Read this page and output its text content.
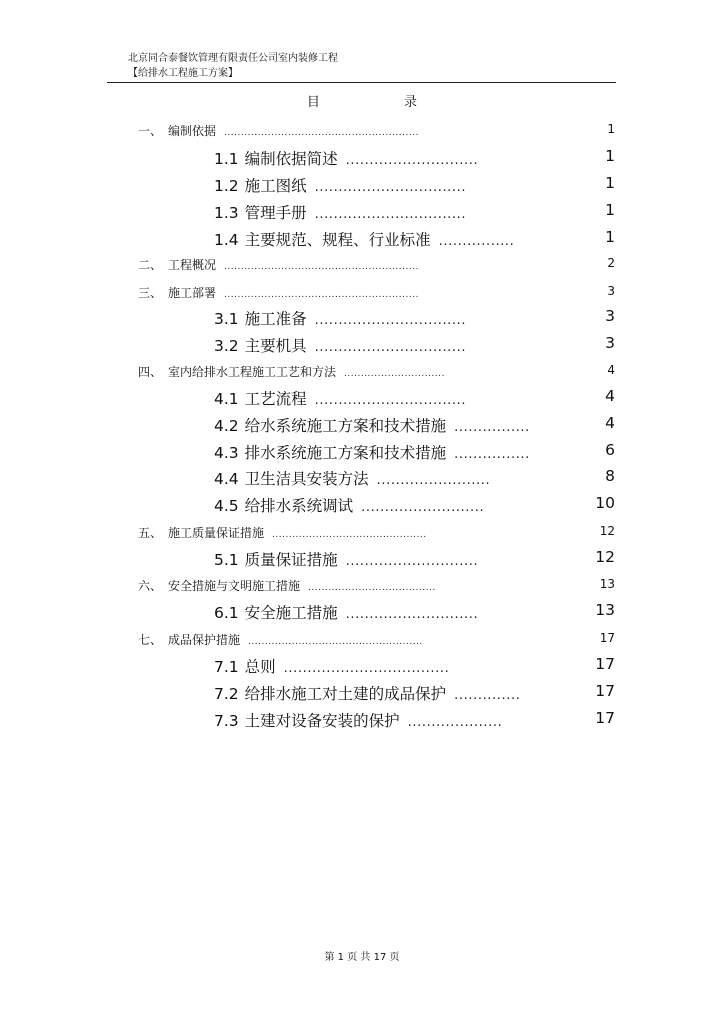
北京同合泰餐饮管理有限责任公司室内装修工程
【给排水工程施工方案】
目 录
一、 编制依据 ..........................................................	1
1.1 编制依据简述 ............................	1
1.2 施工图纸 ................................	1
1.3 管理手册 ................................	1
1.4 主要规范、规程、行业标准 ................	1
二、 工程概况 ..........................................................	2
三、 施工部署 ..........................................................	3
3.1 施工准备 ................................	3
3.2 主要机具 ................................	3
四、 室内给排水工程施工工艺和方法 ..............................	4
4.1 工艺流程 ................................	4
4.2 给水系统施工方案和技术措施 ................	4
4.3 排水系统施工方案和技术措施 ................	6
4.4 卫生洁具安装方法 ........................	8
4.5 给排水系统调试 ..........................	10
五、 施工质量保证措施 ..............................................	12
5.1 质量保证措施 ............................	12
六、 安全措施与文明施工措施 ......................................	13
6.1 安全施工措施 ............................	13
七、 成品保护措施 ....................................................	17
7.1 总则 ...................................	17
7.2 给排水施工对土建的成品保护 ..............	17
7.3 土建对设备安装的保护 ....................	17
第 1 页 共 17 页
